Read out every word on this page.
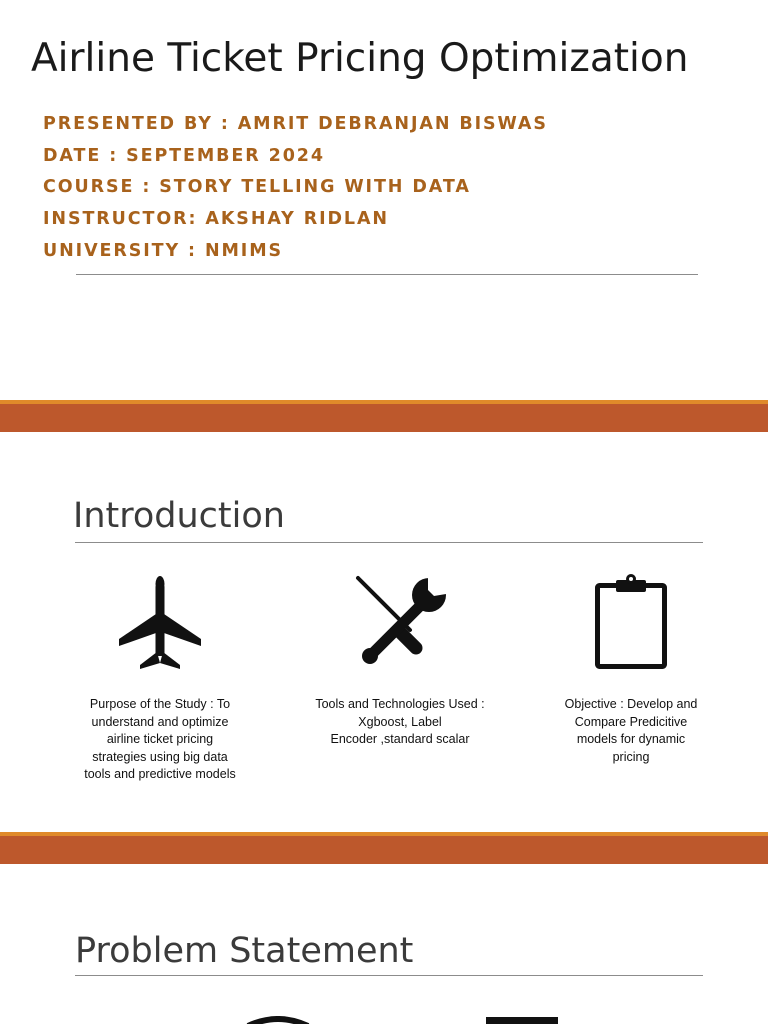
Airline Ticket Pricing Optimization
PRESENTED BY : AMRIT DEBRANJAN BISWAS
DATE : SEPTEMBER 2024
COURSE : STORY TELLING WITH DATA
INSTRUCTOR: AKSHAY RIDLAN
UNIVERSITY : NMIMS
Introduction
Purpose of the Study : To
understand and optimize
airline ticket pricing
strategies using big data
tools and predictive models
Tools and Technologies Used :
Xgboost, Label
Encoder ,standard scalar
Objective : Develop and
Compare Predicitive
models for dynamic
pricing
Problem Statement
